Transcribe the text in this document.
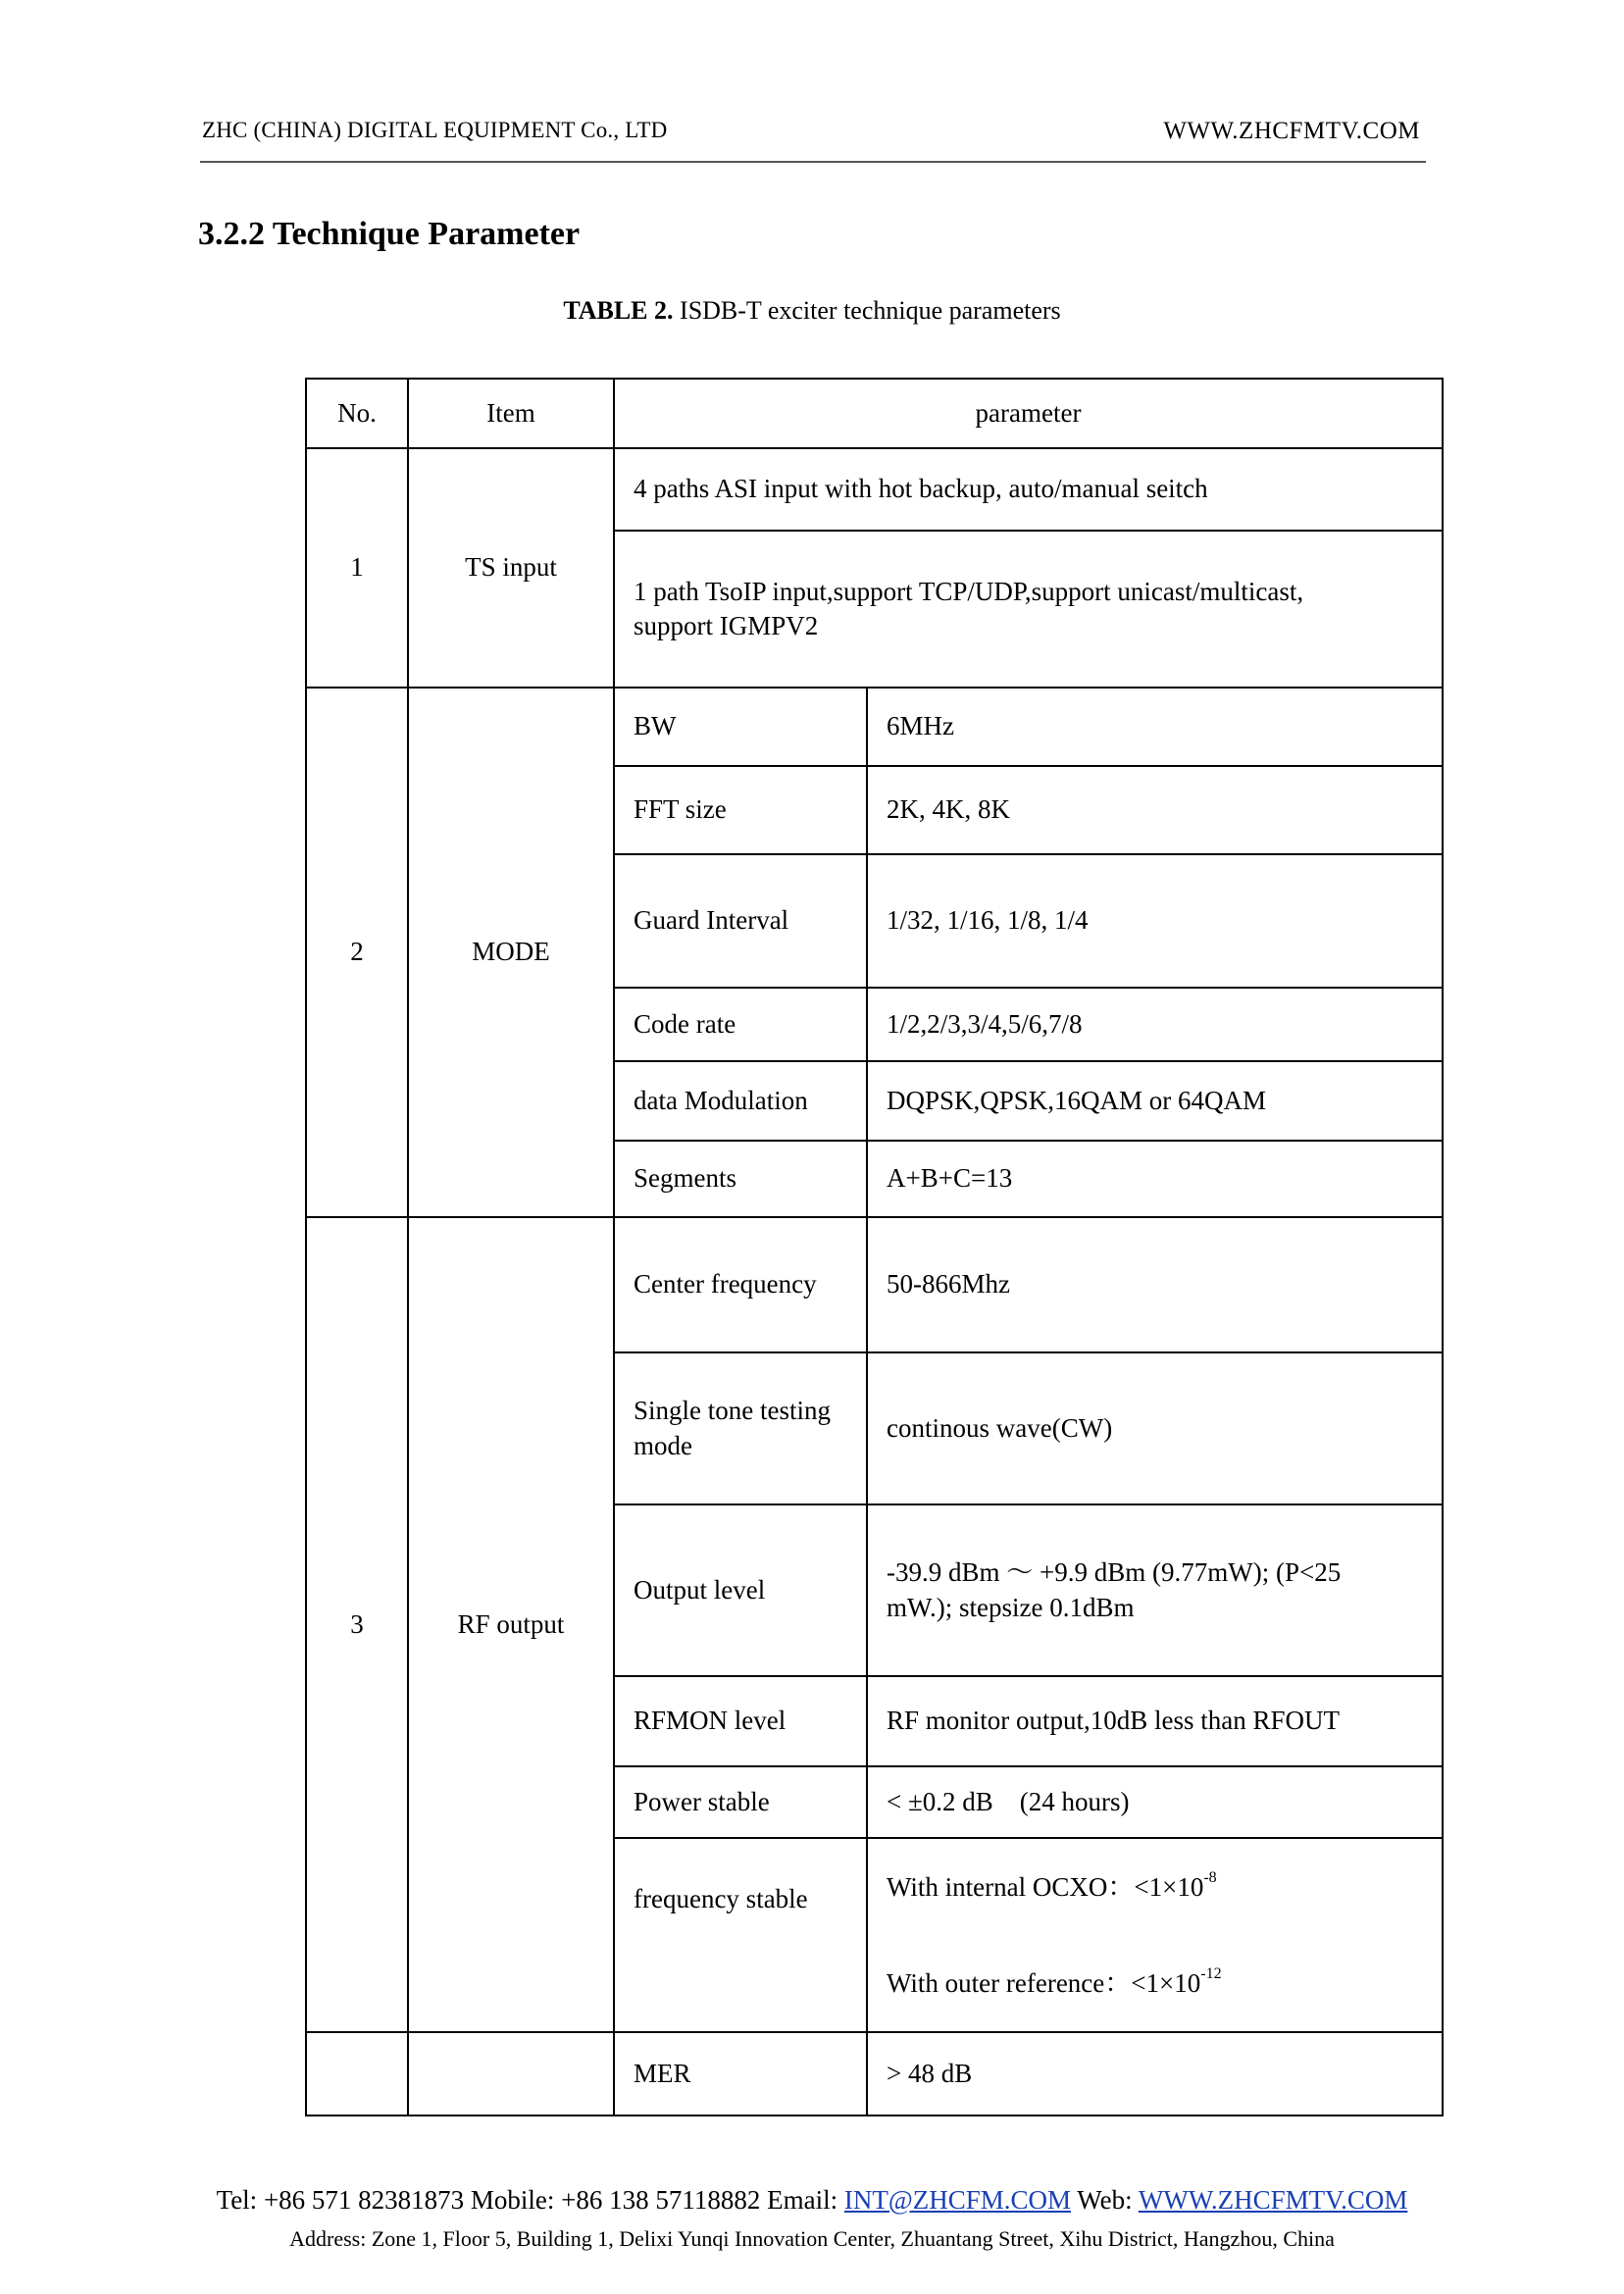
ZHC (CHINA) DIGITAL EQUIPMENT Co., LTD	WWW.ZHCFMTV.COM
3.2.2 Technique Parameter
TABLE 2. ISDB-T exciter technique parameters
No.	Item	parameter	
1	TS input	4 paths ASI input with hot backup, auto/manual seitch	
		1 path TsoIP input,support TCP/UDP,support unicast/multicast,
support IGMPV2	
2	MODE	BW	6MHz
		FFT size	2K, 4K, 8K
		Guard Interval	1/32, 1/16, 1/8, 1/4
		Code rate	1/2,2/3,3/4,5/6,7/8
		data Modulation	DQPSK,QPSK,16QAM or 64QAM
		Segments	A+B+C=13
3	RF output	Center frequency	50-866Mhz
		Single tone testing
mode	continous wave(CW)
		Output level	-39.9 dBm ～ +9.9 dBm (9.77mW); (P<25
mW.); stepsize 0.1dBm
		RFMON level	RF monitor output,10dB less than RFOUT
		Power stable	< ±0.2 dB　(24 hours)
		frequency stable	With internal OCXO：$<1\times 10^{-8}$
With outer reference：$<1\times 10^{-12}$
		MER	> 48 dB
Tel: +86 571 82381873 Mobile: +86 138 57118882 Email: INT@ZHCFM.COM Web: WWW.ZHCFMTV.COM
Address: Zone 1, Floor 5, Building 1, Delixi Yunqi Innovation Center, Zhuantang Street, Xihu District, Hangzhou, China
